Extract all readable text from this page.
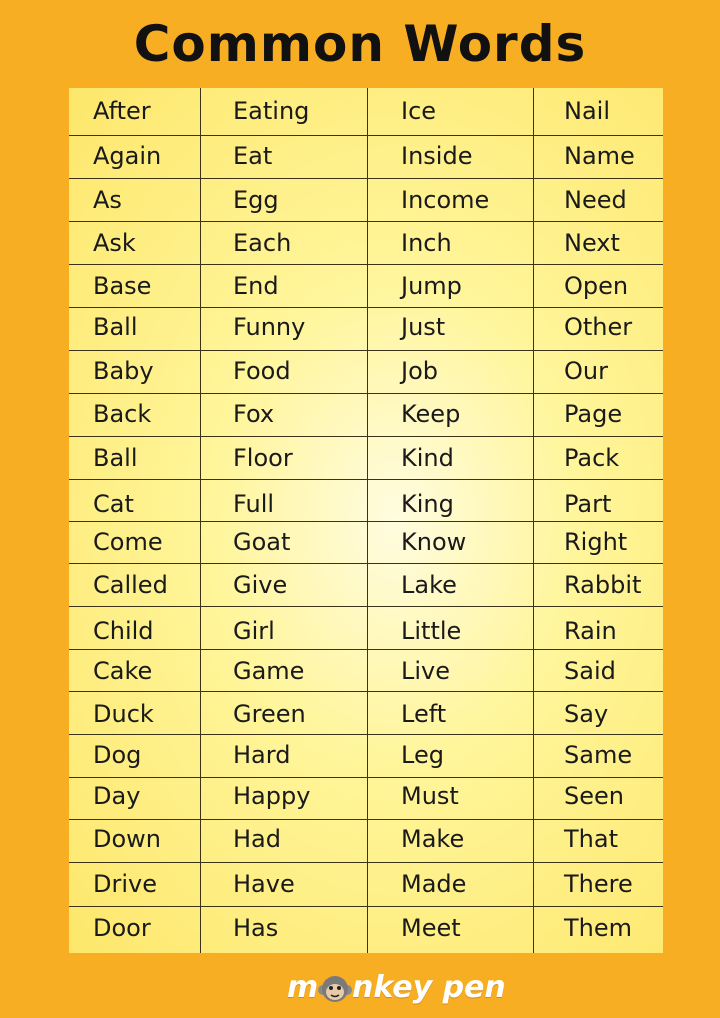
Common Words
After	Eating	Ice	Nail
Again	Eat	Inside	Name
As	Egg	Income	Need
Ask	Each	Inch	Next
Base	End	Jump	Open
Ball	Funny	Just	Other
Baby	Food	Job	Our
Back	Fox	Keep	Page
Ball	Floor	Kind	Pack
Cat	Full	King	Part
Come	Goat	Know	Right
Called	Give	Lake	Rabbit
Child	Girl	Little	Rain
Cake	Game	Live	Said
Duck	Green	Left	Say
Dog	Hard	Leg	Same
Day	Happy	Must	Seen
Down	Had	Make	That
Drive	Have	Made	There
Door	Has	Meet	Them
m nkey pen
